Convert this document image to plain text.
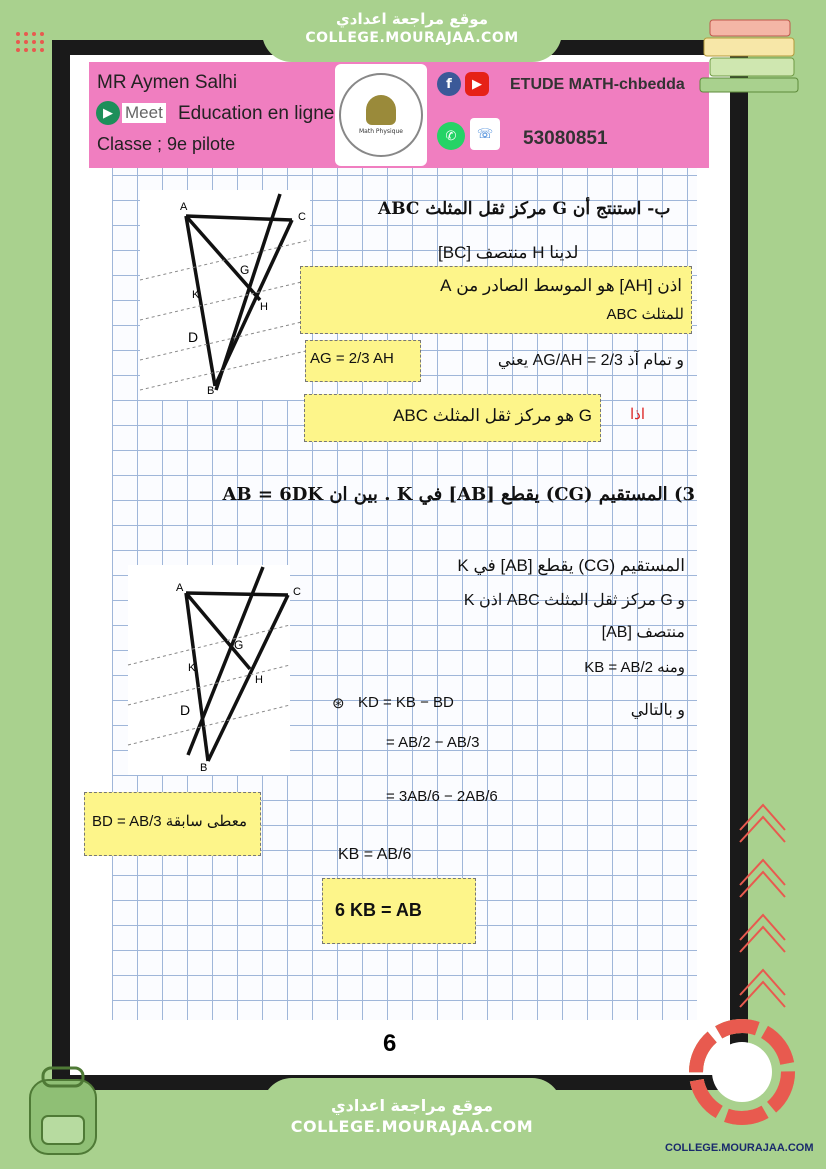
موقع مراجعة اعدادي
COLLEGE.MOURAJAA.COM
MR Aymen Salhi
▶ Meet Education en ligne
Classe ; 9e pilote
Math Physique
f	▶	ETUDE MATH-chbedda
✆	☏	53080851
ب- استنتج أن G مركز ثقل المثلث ABC
A
C
G
K
H
D
B
لدينا H منتصف [BC]
اذن [AH] هو الموسط الصادر من A
للمثلث ABC
AG = 2/3 AH	و تمام آذ AG/AH = 2/3 يعني
اذا
G هو مركز ثقل المثلث ABC
3) المستقيم (CG) يقطع [AB] في K . بين ان AB = 6DK
A	C
G
K
H
D
B
المستقيم (CG) يقطع [AB] في K
و G مركز ثقل المثلث ABC اذن K
منتصف [AB]
ومنه KB = AB/2
و بالتالي
⊛ KD = KB − BD
= AB/2 − AB/3
= 3AB/6 − 2AB/6
BD = AB/3 معطى سابقة
KB = AB/6
6 KB = AB
6
COLLEGE.MOURAJAA.COM
موقع مراجعة اعدادي
COLLEGE.MOURAJAA.COM
